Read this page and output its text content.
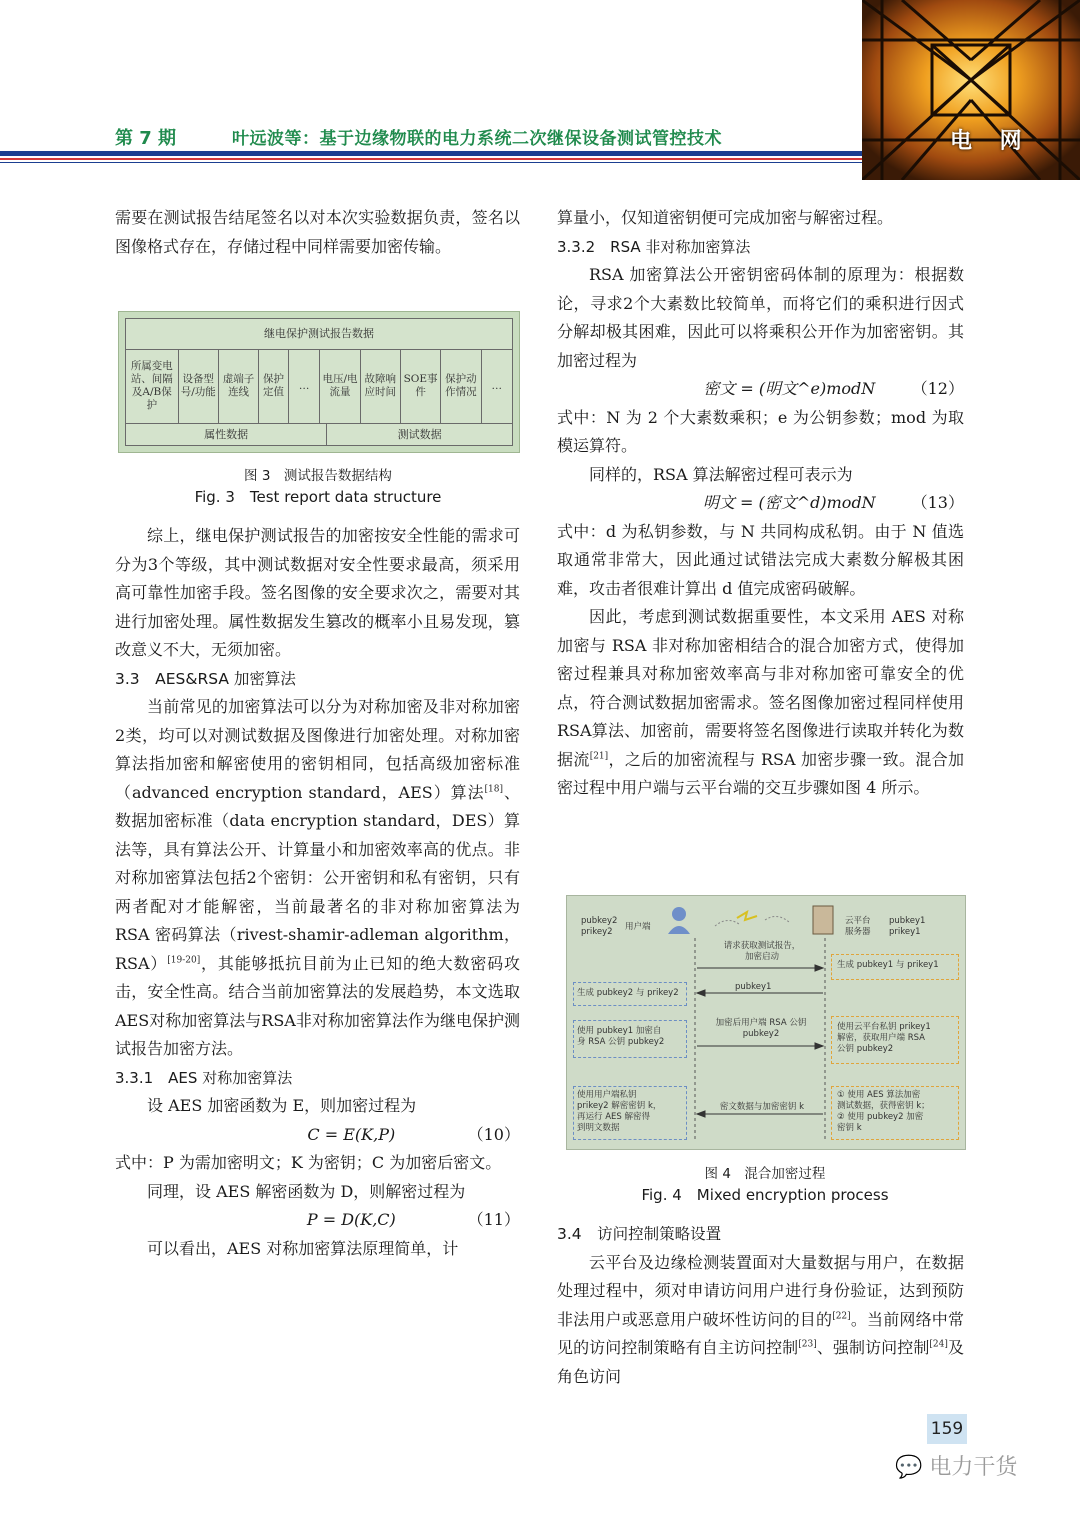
第 7 期	叶远波等：基于边缘物联的电力系统二次继保设备测试管控技术	电 网

需要在测试报告结尾签名以对本次实验数据负责，签名以图像格式存在，存储过程中同样需要加密传输。

继电保护测试报告数据
所属变电站、间隔及A/B保护
设备型号/功能
虚端子连线
保护定值
…
电压/电流量
故障响应时间
SOE事件
保护动作情况
…
属性数据	测试数据
图 3　测试报告数据结构
Fig. 3　Test report data structure

综上，继电保护测试报告的加密按安全性能的需求可分为3个等级，其中测试数据对安全性要求最高，须采用高可靠性加密手段。签名图像的安全要求次之，需要对其进行加密处理。属性数据发生篡改的概率小且易发现，篡改意义不大，无须加密。

3.3　AES&RSA 加密算法

当前常见的加密算法可以分为对称加密及非对称加密2类，均可以对测试数据及图像进行加密处理。对称加密算法指加密和解密使用的密钥相同，包括高级加密标准（advanced encryption standard，AES）算法[18]、数据加密标准（data encryption standard，DES）算法等，具有算法公开、计算量小和加密效率高的优点。非对称加密算法包括2个密钥：公开密钥和私有密钥，只有两者配对才能解密，当前最著名的非对称加密算法为 RSA 密码算法（rivest-shamir-adleman algorithm，RSA）[19-20]，其能够抵抗目前为止已知的绝大数密码攻击，安全性高。结合当前加密算法的发展趋势，本文选取AES对称加密算法与RSA非对称加密算法作为继电保护测试报告加密方法。

3.3.1　AES 对称加密算法

设 AES 加密函数为 E，则加密过程为

C = E(K,P)	（10）

式中：P 为需加密明文；K 为密钥；C 为加密后密文。

同理，设 AES 解密函数为 D，则解密过程为

P = D(K,C)	（11）

可以看出，AES 对称加密算法原理简单，计

算量小，仅知道密钥便可完成加密与解密过程。

3.3.2　RSA 非对称加密算法

RSA 加密算法公开密钥密码体制的原理为：根据数论，寻求2个大素数比较简单，而将它们的乘积进行因式分解却极其困难，因此可以将乘积公开作为加密密钥。其加密过程为

密文 = (明文^e)modN （12）

式中：N 为 2 个大素数乘积；e 为公钥参数；mod 为取模运算符。

同样的，RSA 算法解密过程可表示为

明文 = (密文^d)modN （13）

式中：d 为私钥参数，与 N 共同构成私钥。由于 N 值选取通常非常大，因此通过试错法完成大素数分解极其困难，攻击者很难计算出 d 值完成密码破解。

因此，考虑到测试数据重要性，本文采用 AES 对称加密与 RSA 非对称加密相结合的混合加密方式，使得加密过程兼具对称加密效率高与非对称加密可靠安全的优点，符合测试数据加密需求。签名图像加密过程同样使用RSA算法、加密前，需要将签名图像进行读取并转化为数据流[21]，之后的加密流程与 RSA 加密步骤一致。混合加密过程中用户端与云平台端的交互步骤如图 4 所示。

pubkey2
prikey2	用户端
云平台
服务器
pubkey1
prikey1
请求获取测试报告，
加密启动
生成 pubkey1 与 prikey1
pubkey1
生成 pubkey2 与 prikey2
加密后用户端 RSA 公钥
pubkey2
使用 pubkey1 加密自
身 RSA 公钥 pubkey2
使用云平台私钥 prikey1
解密，获取用户端 RSA
公钥 pubkey2
密文数据与加密密钥 k
使用用户端私钥
prikey2 解密密钥 k，
再运行 AES 解密得
到明文数据
① 使用 AES 算法加密
测试数据，获得密钥 k；
② 使用 pubkey2 加密
密钥 k
图 4　混合加密过程
Fig. 4　Mixed encryption process

3.4　访问控制策略设置

云平台及边缘检测装置面对大量数据与用户，在数据处理过程中，须对申请访问用户进行身份验证，达到预防非法用户或恶意用户破坏性访问的目的[22]。当前网络中常见的访问控制策略有自主访问控制[23]、强制访问控制[24]及角色访问

159
💬 电力干货
